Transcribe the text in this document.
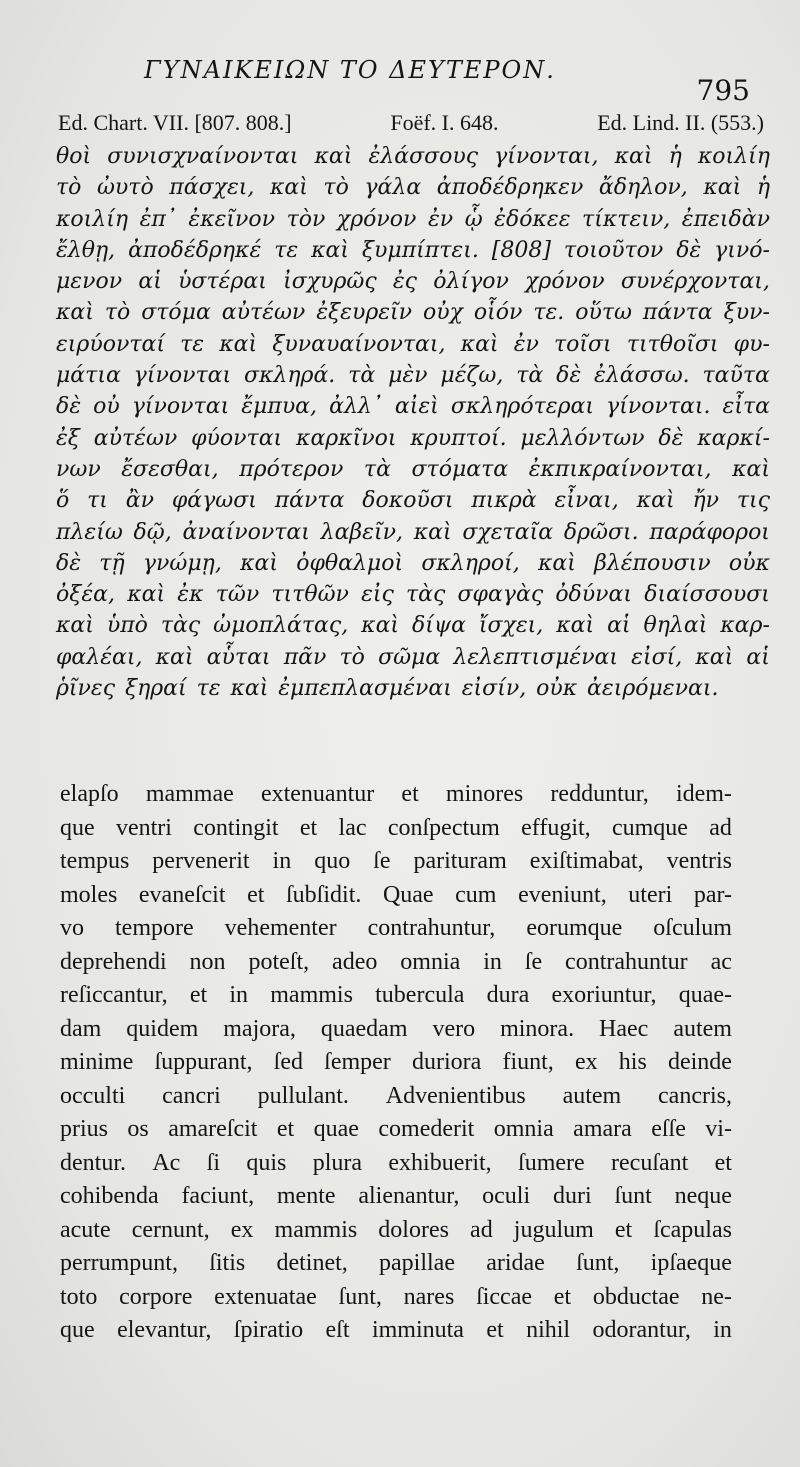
ΓΥΝΑΙΚΕΙΩΝ ΤΟ ΔΕΥΤΕΡΟΝ.
795
Ed. Chart. VII. [807. 808.]	Foëf. I. 648.	Ed. Lind. II. (553.)
θοὶ συνισχναίνονται καὶ ἐλάσσους γίνονται, καὶ ἡ κοιλίη
τὸ ὠυτὸ πάσχει, καὶ τὸ γάλα ἀποδέδρηκεν ἄδηλον, καὶ ἡ
κοιλίη ἐπ᾽ ἐκεῖνον τὸν χρόνον ἐν ᾧ ἐδόκεε τίκτειν, ἐπειδὰν
ἔλθῃ, ἀποδέδρηκέ τε καὶ ξυμπίπτει. [808] τοιοῦτον δὲ γινό-
μενον αἱ ὑστέραι ἰσχυρῶς ἐς ὀλίγον χρόνον συνέρχονται,
καὶ τὸ στόμα αὐτέων ἐξευρεῖν οὐχ οἷόν τε. οὕτω πάντα ξυν-
ειρύονταί τε καὶ ξυναυαίνονται, καὶ ἐν τοῖσι τιτθοῖσι φυ-
μάτια γίνονται σκληρά. τὰ μὲν μέζω, τὰ δὲ ἐλάσσω. ταῦτα
δὲ οὐ γίνονται ἔμπυα, ἀλλ᾽ αἰεὶ σκληρότεραι γίνονται. εἶτα
ἐξ αὐτέων φύονται καρκῖνοι κρυπτοί. μελλόντων δὲ καρκί-
νων ἔσεσθαι, πρότερον τὰ στόματα ἐκπικραίνονται, καὶ
ὅ τι ἂν φάγωσι πάντα δοκοῦσι πικρὰ εἶναι, καὶ ἤν τις
πλείω δῷ, ἀναίνονται λαβεῖν, καὶ σχεταῖα δρῶσι. παράφοροι
δὲ τῇ γνώμῃ, καὶ ὀφθαλμοὶ σκληροί, καὶ βλέπουσιν οὐκ
ὀξέα, καὶ ἐκ τῶν τιτθῶν εἰς τὰς σφαγὰς ὀδύναι διαίσσουσι
καὶ ὑπὸ τὰς ὠμοπλάτας, καὶ δίψα ἴσχει, καὶ αἱ θηλαὶ καρ-
φαλέαι, καὶ αὗται πᾶν τὸ σῶμα λελεπτισμέναι εἰσί, καὶ αἱ
ῥῖνες ξηραί τε καὶ ἐμπεπλασμέναι εἰσίν, οὐκ ἀειρόμεναι.
elapſo mammae extenuantur et minores redduntur, idem-
que ventri contingit et lac conſpectum effugit, cumque ad
tempus pervenerit in quo ſe parituram exiſtimabat, ventris
moles evaneſcit et ſubſidit. Quae cum eveniunt, uteri par-
vo tempore vehementer contrahuntur, eorumque oſculum
deprehendi non poteſt, adeo omnia in ſe contrahuntur ac
reſiccantur, et in mammis tubercula dura exoriuntur, quae-
dam quidem majora, quaedam vero minora. Haec autem
minime ſuppurant, ſed ſemper duriora fiunt, ex his deinde
occulti cancri pullulant. Advenientibus autem cancris,
prius os amareſcit et quae comederit omnia amara eſſe vi-
dentur. Ac ſi quis plura exhibuerit, ſumere recuſant et
cohibenda faciunt, mente alienantur, oculi duri ſunt neque
acute cernunt, ex mammis dolores ad jugulum et ſcapulas
perrumpunt, ſitis detinet, papillae aridae ſunt, ipſaeque
toto corpore extenuatae ſunt, nares ſiccae et obductae ne-
que elevantur, ſpiratio eſt imminuta et nihil odorantur, in
